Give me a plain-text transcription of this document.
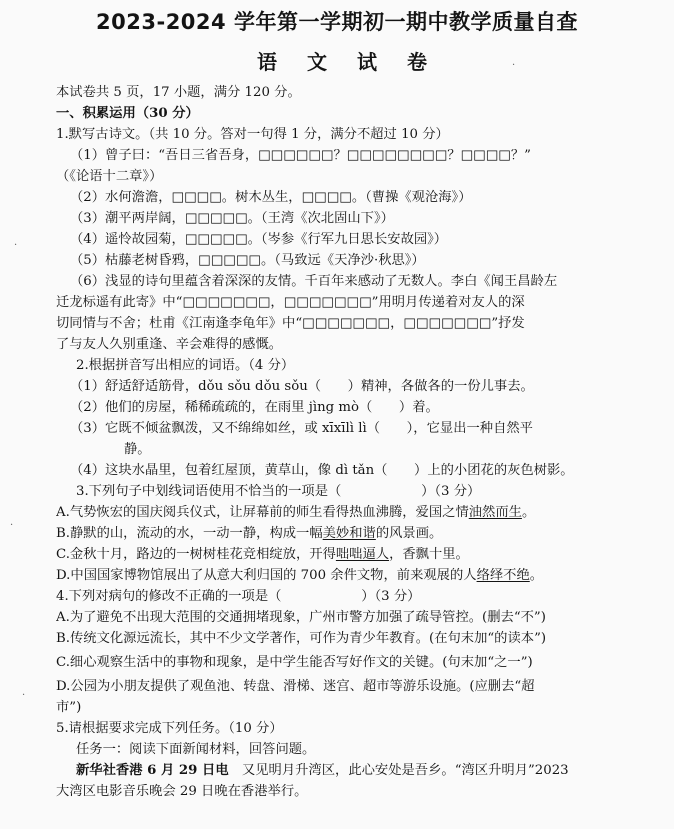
2023-2024 学年第一学期初一期中教学质量自查
语文试卷
本试卷共 5 页，17 小题，满分 120 分。
一、积累运用（30 分）
1.默写古诗文。（共 10 分。答对一句得 1 分，满分不超过 10 分）
（1）曾子曰：“吾日三省吾身，□□□□□□？□□□□□□□□？□□□□？”
（《论语十二章》）
（2）水何澹澹，□□□□。树木丛生，□□□□。（曹操《观沧海》）
（3）潮平两岸阔，□□□□□。（王湾《次北固山下》）
（4）遥怜故园菊，□□□□□。（岑参《行军九日思长安故园》）
（5）枯藤老树昏鸦，□□□□□。（马致远《天净沙·秋思》）
（6）浅显的诗句里蕴含着深深的友情。千百年来感动了无数人。李白《闻王昌龄左
迁龙标遥有此寄》中“□□□□□□□，□□□□□□□”用明月传递着对友人的深
切同情与不舍；杜甫《江南逢李龟年》中“□□□□□□□，□□□□□□□”抒发
了与友人久别重逢、辛会难得的感慨。
2.根据拼音写出相应的词语。（4 分）
（1）舒适舒适筋骨，dǒu sǒu dǒu sǒu（　　）精神，各做各的一份儿事去。
（2）他们的房屋，稀稀疏疏的，在雨里 jìng mò（　　）着。
（3）它既不倾盆飘泼，又不绵绵如丝，或 xīxīlì lì（　　），它显出一种自然平
静。
（4）这块水晶里，包着红屋顶，黄草山，像 dì tǎn（　　）上的小团花的灰色树影。
3.下列句子中划线词语使用不恰当的一项是（　　　　　　）（3 分）
A.气势恢宏的国庆阅兵仪式，让屏幕前的师生看得热血沸腾，爱国之情油然而生。
B.静默的山，流动的水，一动一静，构成一幅美妙和谐的风景画。
C.金秋十月，路边的一树树桂花竞相绽放，开得咄咄逼人，香飘十里。
D.中国国家博物馆展出了从意大利归国的 700 余件文物，前来观展的人络绎不绝。
4.下列对病句的修改不正确的一项是（　　　　　　）（3 分）
A.为了避免不出现大范围的交通拥堵现象，广州市警方加强了疏导管控。(删去“不”)
B.传统文化源远流长，其中不少文学著作，可作为青少年教育。(在句末加“的读本”)
C.细心观察生活中的事物和现象，是中学生能否写好作文的关键。(句末加“之一”)
D.公园为小朋友提供了观鱼池、转盘、滑梯、迷宫、超市等游乐设施。(应删去“超
市”)
5.请根据要求完成下列任务。（10 分）
任务一：阅读下面新闻材料，回答问题。
新华社香港 6 月 29 日电　又见明月升湾区，此心安处是吾乡。“湾区升明月”2023
大湾区电影音乐晚会 29 日晚在香港举行。
·
·
·
·
